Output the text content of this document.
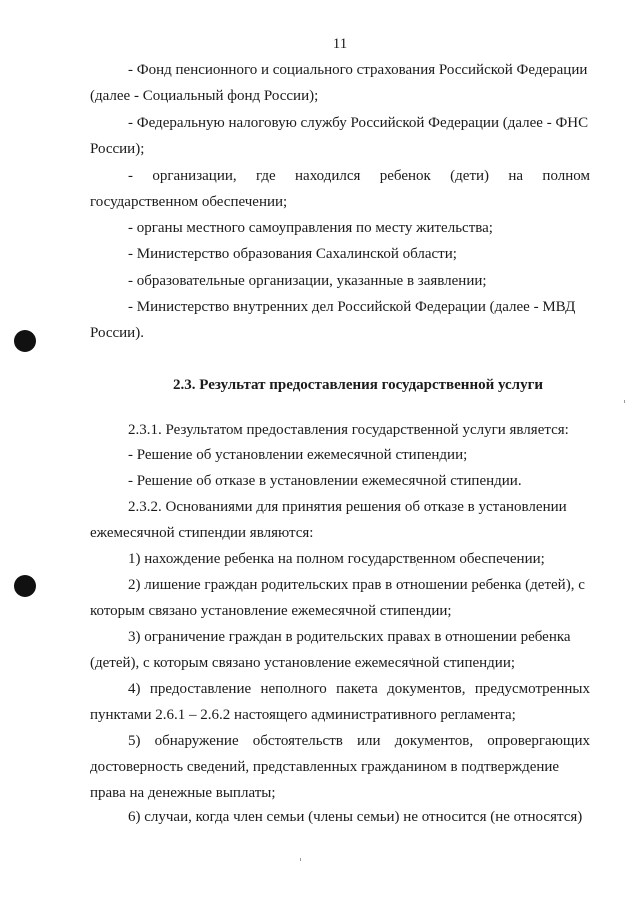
11
- Фонд пенсионного и социального страхования Российской Федерации
(далее - Социальный фонд России);
- Федеральную налоговую службу Российской Федерации (далее - ФНС
России);
- организации, где находился ребенок (дети) на полном
государственном обеспечении;
- органы местного самоуправления по месту жительства;
- Министерство образования Сахалинской области;
- образовательные организации, указанные в заявлении;
- Министерство внутренних дел Российской Федерации (далее - МВД
России).
2.3. Результат предоставления государственной услуги
2.3.1. Результатом предоставления государственной услуги является:
- Решение об установлении ежемесячной стипендии;
- Решение об отказе в установлении ежемесячной стипендии.
2.3.2. Основаниями для принятия решения об отказе в установлении
ежемесячной стипендии являются:
1) нахождение ребенка на полном государственном обеспечении;
2) лишение граждан родительских прав в отношении ребенка (детей), с
которым связано установление ежемесячной стипендии;
3) ограничение граждан в родительских правах в отношении ребенка
(детей), с которым связано установление ежемесячной стипендии;
4) предоставление неполного пакета документов, предусмотренных
пунктами 2.6.1 – 2.6.2 настоящего административного регламента;
5) обнаружение обстоятельств или документов, опровергающих
достоверность сведений, представленных гражданином в подтверждение
права на денежные выплаты;
6) случаи, когда член семьи (члены семьи) не относится (не относятся)
